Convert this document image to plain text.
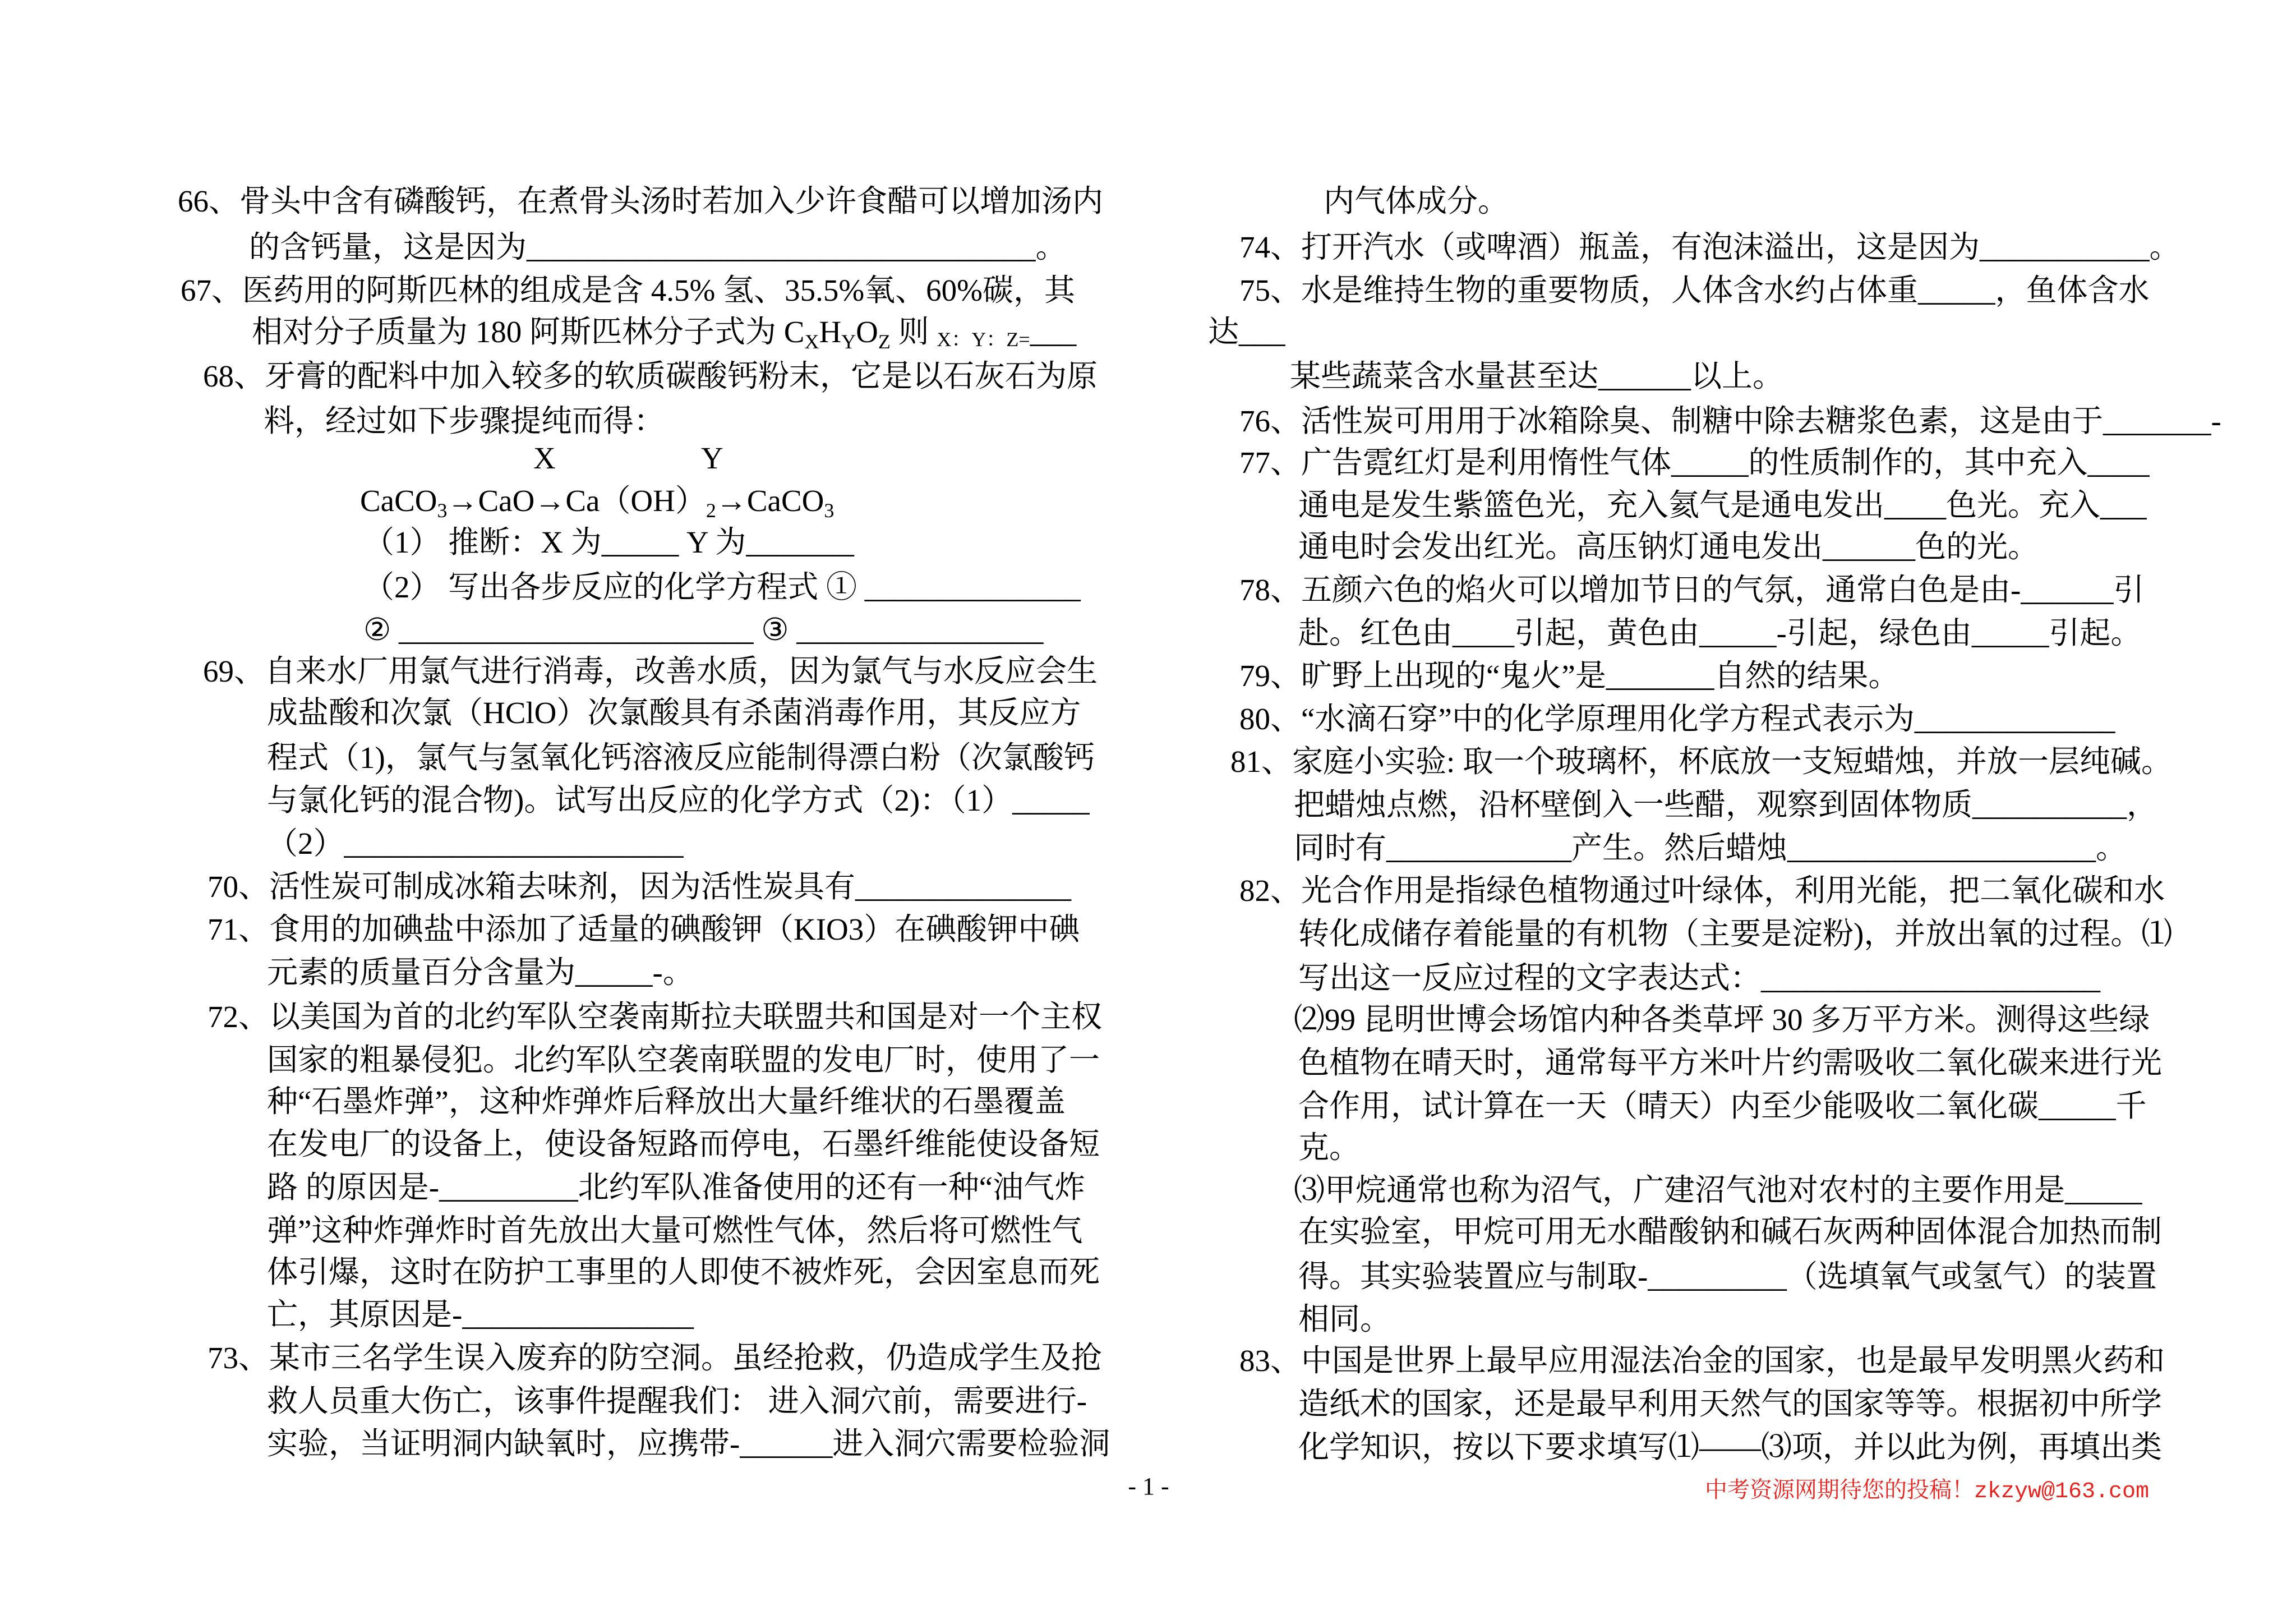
66、骨头中含有磷酸钙，在煮骨头汤时若加入少许食醋可以增加汤内
的含钙量，这是因为_________________________________。
67、医药用的阿斯匹林的组成是含 4.5% 氢、35.5%氧、60%碳，其
相对分子质量为 180 阿斯匹林分子式为 $C_XH_YO_Z$ 则 X：Y：Z=___
68、牙膏的配料中加入较多的软质碳酸钙粉末，它是以石灰石为原
料，经过如下步骤提纯而得：
X	Y
$CaCO_3\to CaO\to Ca(OH)_2\to CaCO_3$
（1） 推断：X 为_____ Y 为_______
（2） 写出各步反应的化学方程式 ① ______________
② _______________________ ③ ________________
69、自来水厂用氯气进行消毒，改善水质，因为氯气与水反应会生
成盐酸和次氯（HClO）次氯酸具有杀菌消毒作用，其反应方
程式（1)，氯气与氢氧化钙溶液反应能制得漂白粉（次氯酸钙
与氯化钙的混合物)。试写出反应的化学方式（2)：（1）_____
（2）______________________
70、活性炭可制成冰箱去味剂，因为活性炭具有______________
71、食用的加碘盐中添加了适量的碘酸钾（KIO3）在碘酸钾中碘
元素的质量百分含量为_____-。
72、以美国为首的北约军队空袭南斯拉夫联盟共和国是对一个主权
国家的粗暴侵犯。北约军队空袭南联盟的发电厂时，使用了一
种“石墨炸弹”，这种炸弹炸后释放出大量纤维状的石墨覆盖
在发电厂的设备上，使设备短路而停电，石墨纤维能使设备短
路 的原因是-_________北约军队准备使用的还有一种“油气炸
弹”这种炸弹炸时首先放出大量可燃性气体，然后将可燃性气
体引爆，这时在防护工事里的人即使不被炸死，会因室息而死
亡，其原因是-_______________
73、某市三名学生误入废弃的防空洞。虽经抢救，仍造成学生及抢
救人员重大伤亡，该事件提醒我们： 进入洞穴前，需要进行-
实验，当证明洞内缺氧时，应携带-______进入洞穴需要检验洞
内气体成分。
74、打开汽水（或啤酒）瓶盖，有泡沫溢出，这是因为___________。
75、水是维持生物的重要物质，人体含水约占体重_____，鱼体含水
达___
某些蔬菜含水量甚至达______以上。
76、活性炭可用用于冰箱除臭、制糖中除去糖浆色素，这是由于_______-
77、广告霓红灯是利用惰性气体_____的性质制作的，其中充入____
通电是发生紫篮色光，充入氦气是通电发出____色光。充入___
通电时会发出红光。高压钠灯通电发出______色的光。
78、五颜六色的焰火可以增加节日的气氛，通常白色是由-______引
赴。红色由____引起，黄色由_____-引起，绿色由_____引起。
79、旷野上出现的“鬼火”是_______自然的结果。
80、“水滴石穿”中的化学原理用化学方程式表示为_____________
81、家庭小实验: 取一个玻璃杯，杯底放一支短蜡烛，并放一层纯碱。
把蜡烛点燃，沿杯壁倒入一些醋，观察到固体物质__________，
同时有____________产生。然后蜡烛____________________。
82、光合作用是指绿色植物通过叶绿体，利用光能，把二氧化碳和水
转化成储存着能量的有机物（主要是淀粉)，并放出氧的过程。⑴
写出这一反应过程的文字表达式：______________________
⑵99 昆明世博会场馆内种各类草坪 30 多万平方米。测得这些绿
色植物在晴天时，通常每平方米叶片约需吸收二氧化碳来进行光
合作用，试计算在一天（晴天）内至少能吸收二氧化碳_____千
克。
⑶甲烷通常也称为沼气，广建沼气池对农村的主要作用是_____
在实验室，甲烷可用无水醋酸钠和碱石灰两种固体混合加热而制
得。其实验装置应与制取-_________（选填氧气或氢气）的装置
相同。
83、中国是世界上最早应用湿法冶金的国家，也是最早发明黑火药和
造纸术的国家，还是最早利用天然气的国家等等。根据初中所学
化学知识，按以下要求填写⑴——⑶项，并以此为例，再填出类
- 1 -	中考资源网期待您的投稿！zkzyw@163.com
